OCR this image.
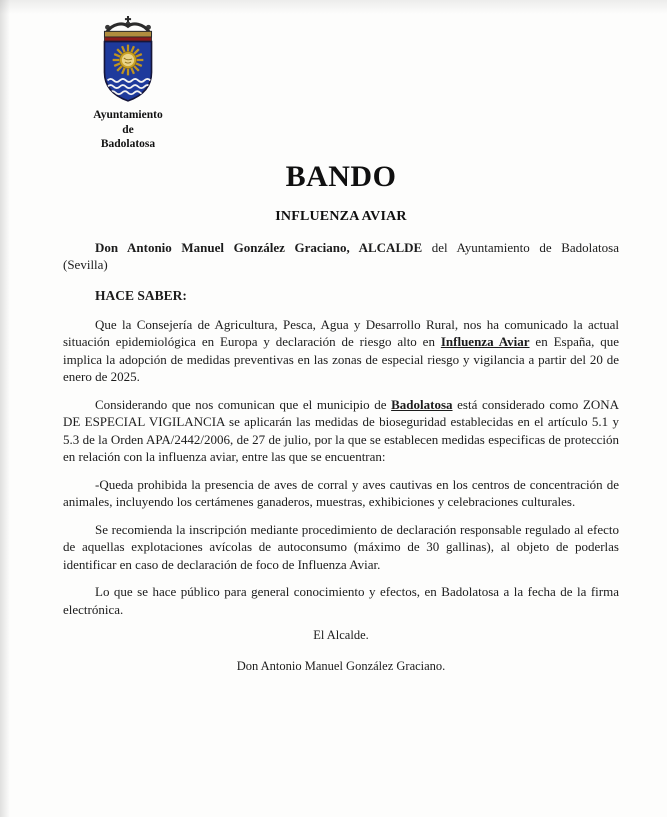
Ayuntamiento
de
Badolatosa
BANDO
INFLUENZA AVIAR

Don Antonio Manuel González Graciano, ALCALDE del Ayuntamiento de Badolatosa (Sevilla)

HACE SABER:

Que la Consejería de Agricultura, Pesca, Agua y Desarrollo Rural, nos ha comunicado la actual situación epidemiológica en Europa y declaración de riesgo alto en Influenza Aviar en España, que implica la adopción de medidas preventivas en las zonas de especial riesgo y vigilancia a partir del 20 de enero de 2025.

Considerando que nos comunican que el municipio de Badolatosa está considerado como ZONA DE ESPECIAL VIGILANCIA se aplicarán las medidas de bioseguridad establecidas en el artículo 5.1 y 5.3 de la Orden APA/2442/2006, de 27 de julio, por la que se establecen medidas especificas de protección en relación con la influenza aviar, entre las que se encuentran:

-Queda prohibida la presencia de aves de corral y aves cautivas en los centros de concentración de animales, incluyendo los certámenes ganaderos, muestras, exhibiciones y celebraciones culturales.

Se recomienda la inscripción mediante procedimiento de declaración responsable regulado al efecto de aquellas explotaciones avícolas de autoconsumo (máximo de 30 gallinas), al objeto de poderlas identificar en caso de declaración de foco de Influenza Aviar.

Lo que se hace público para general conocimiento y efectos, en Badolatosa a la fecha de la firma electrónica.

El Alcalde.
Don Antonio Manuel González Graciano.
